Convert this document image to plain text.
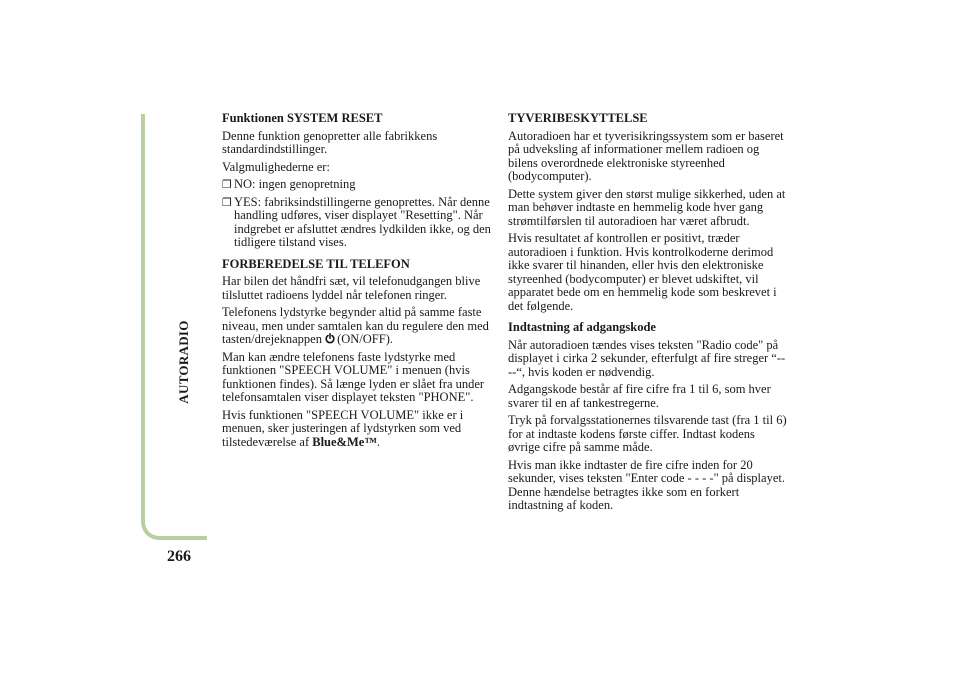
AUTORADIO
266
Funktionen SYSTEM RESET

Denne funktion genopretter alle fabrikkens standardindstillinger.

Valgmulighederne er:

❐ NO: ingen genopretning
❐ YES: fabriksindstillingerne genoprettes. Når denne handling udføres, viser displayet "Resetting". Når indgrebet er afsluttet ændres lydkilden ikke, og den tidligere tilstand vises.
FORBEREDELSE TIL TELEFON

Har bilen det håndfri sæt, vil telefonudgangen blive tilsluttet radioens lyddel når telefonen ringer.

Telefonens lydstyrke begynder altid på samme faste niveau, men under samtalen kan du regulere den med tasten/drejeknappen (ON/OFF).

Man kan ændre telefonens faste lydstyrke med funktionen "SPEECH VOLUME" i menuen (hvis funktionen findes). Så længe lyden er slået fra under telefonsamtalen viser displayet teksten "PHONE".

Hvis funktionen "SPEECH VOLUME" ikke er i menuen, sker justeringen af lydstyrken som ved tilstedeværelse af Blue&Me™.

TYVERIBESKYTTELSE

Autoradioen har et tyverisikringssystem som er baseret på udveksling af informationer mellem radioen og bilens overordnede elektroniske styreenhed (bodycomputer).

Dette system giver den størst mulige sikkerhed, uden at man behøver indtaste en hemmelig kode hver gang strømtilførslen til autoradioen har været afbrudt.

Hvis resultatet af kontrollen er positivt, træder autoradioen i funktion. Hvis kontrolkoderne derimod ikke svarer til hinanden, eller hvis den elektroniske styreenhed (bodycomputer) er blevet udskiftet, vil apparatet bede om en hemmelig kode som beskrevet i det følgende.

Indtastning af adgangskode

Når autoradioen tændes vises teksten "Radio code" på displayet i cirka 2 sekunder, efterfulgt af fire streger “----“, hvis koden er nødvendig.

Adgangskode består af fire cifre fra 1 til 6, som hver svarer til en af tankestregerne.

Tryk på forvalgsstationernes tilsvarende tast (fra 1 til 6) for at indtaste kodens første ciffer. Indtast kodens øvrige cifre på samme måde.

Hvis man ikke indtaster de fire cifre inden for 20 sekunder, vises teksten "Enter code - - - -" på displayet. Denne hændelse betragtes ikke som en forkert indtastning af koden.
